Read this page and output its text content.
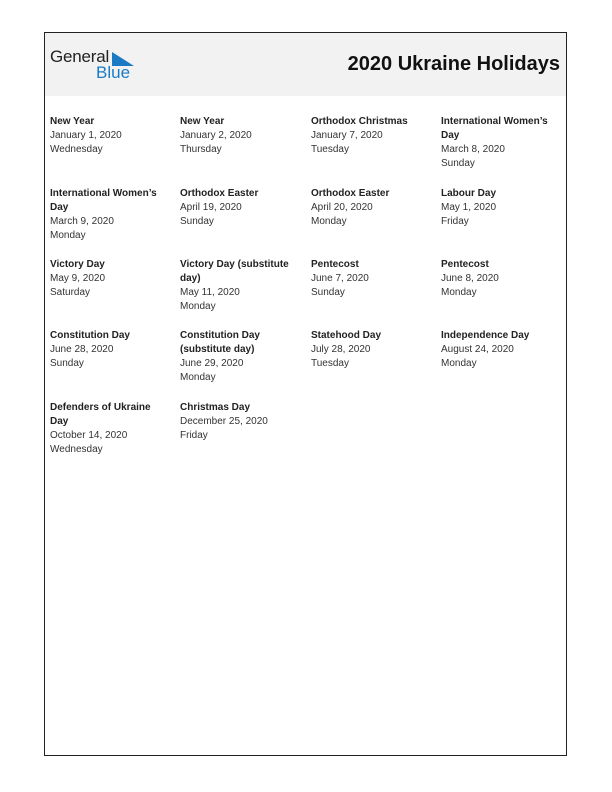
General
Blue	2020 Ukraine Holidays
New Year
January 1, 2020
Wednesday
New Year
January 2, 2020
Thursday
Orthodox Christmas
January 7, 2020
Tuesday
International Women’s Day
March 8, 2020
Sunday
International Women’s Day
March 9, 2020
Monday
Orthodox Easter
April 19, 2020
Sunday
Orthodox Easter
April 20, 2020
Monday
Labour Day
May 1, 2020
Friday
Victory Day
May 9, 2020
Saturday
Victory Day (substitute day)
May 11, 2020
Monday
Pentecost
June 7, 2020
Sunday
Pentecost
June 8, 2020
Monday
Constitution Day
June 28, 2020
Sunday
Constitution Day (substitute day)
June 29, 2020
Monday
Statehood Day
July 28, 2020
Tuesday
Independence Day
August 24, 2020
Monday
Defenders of Ukraine Day
October 14, 2020
Wednesday
Christmas Day
December 25, 2020
Friday
